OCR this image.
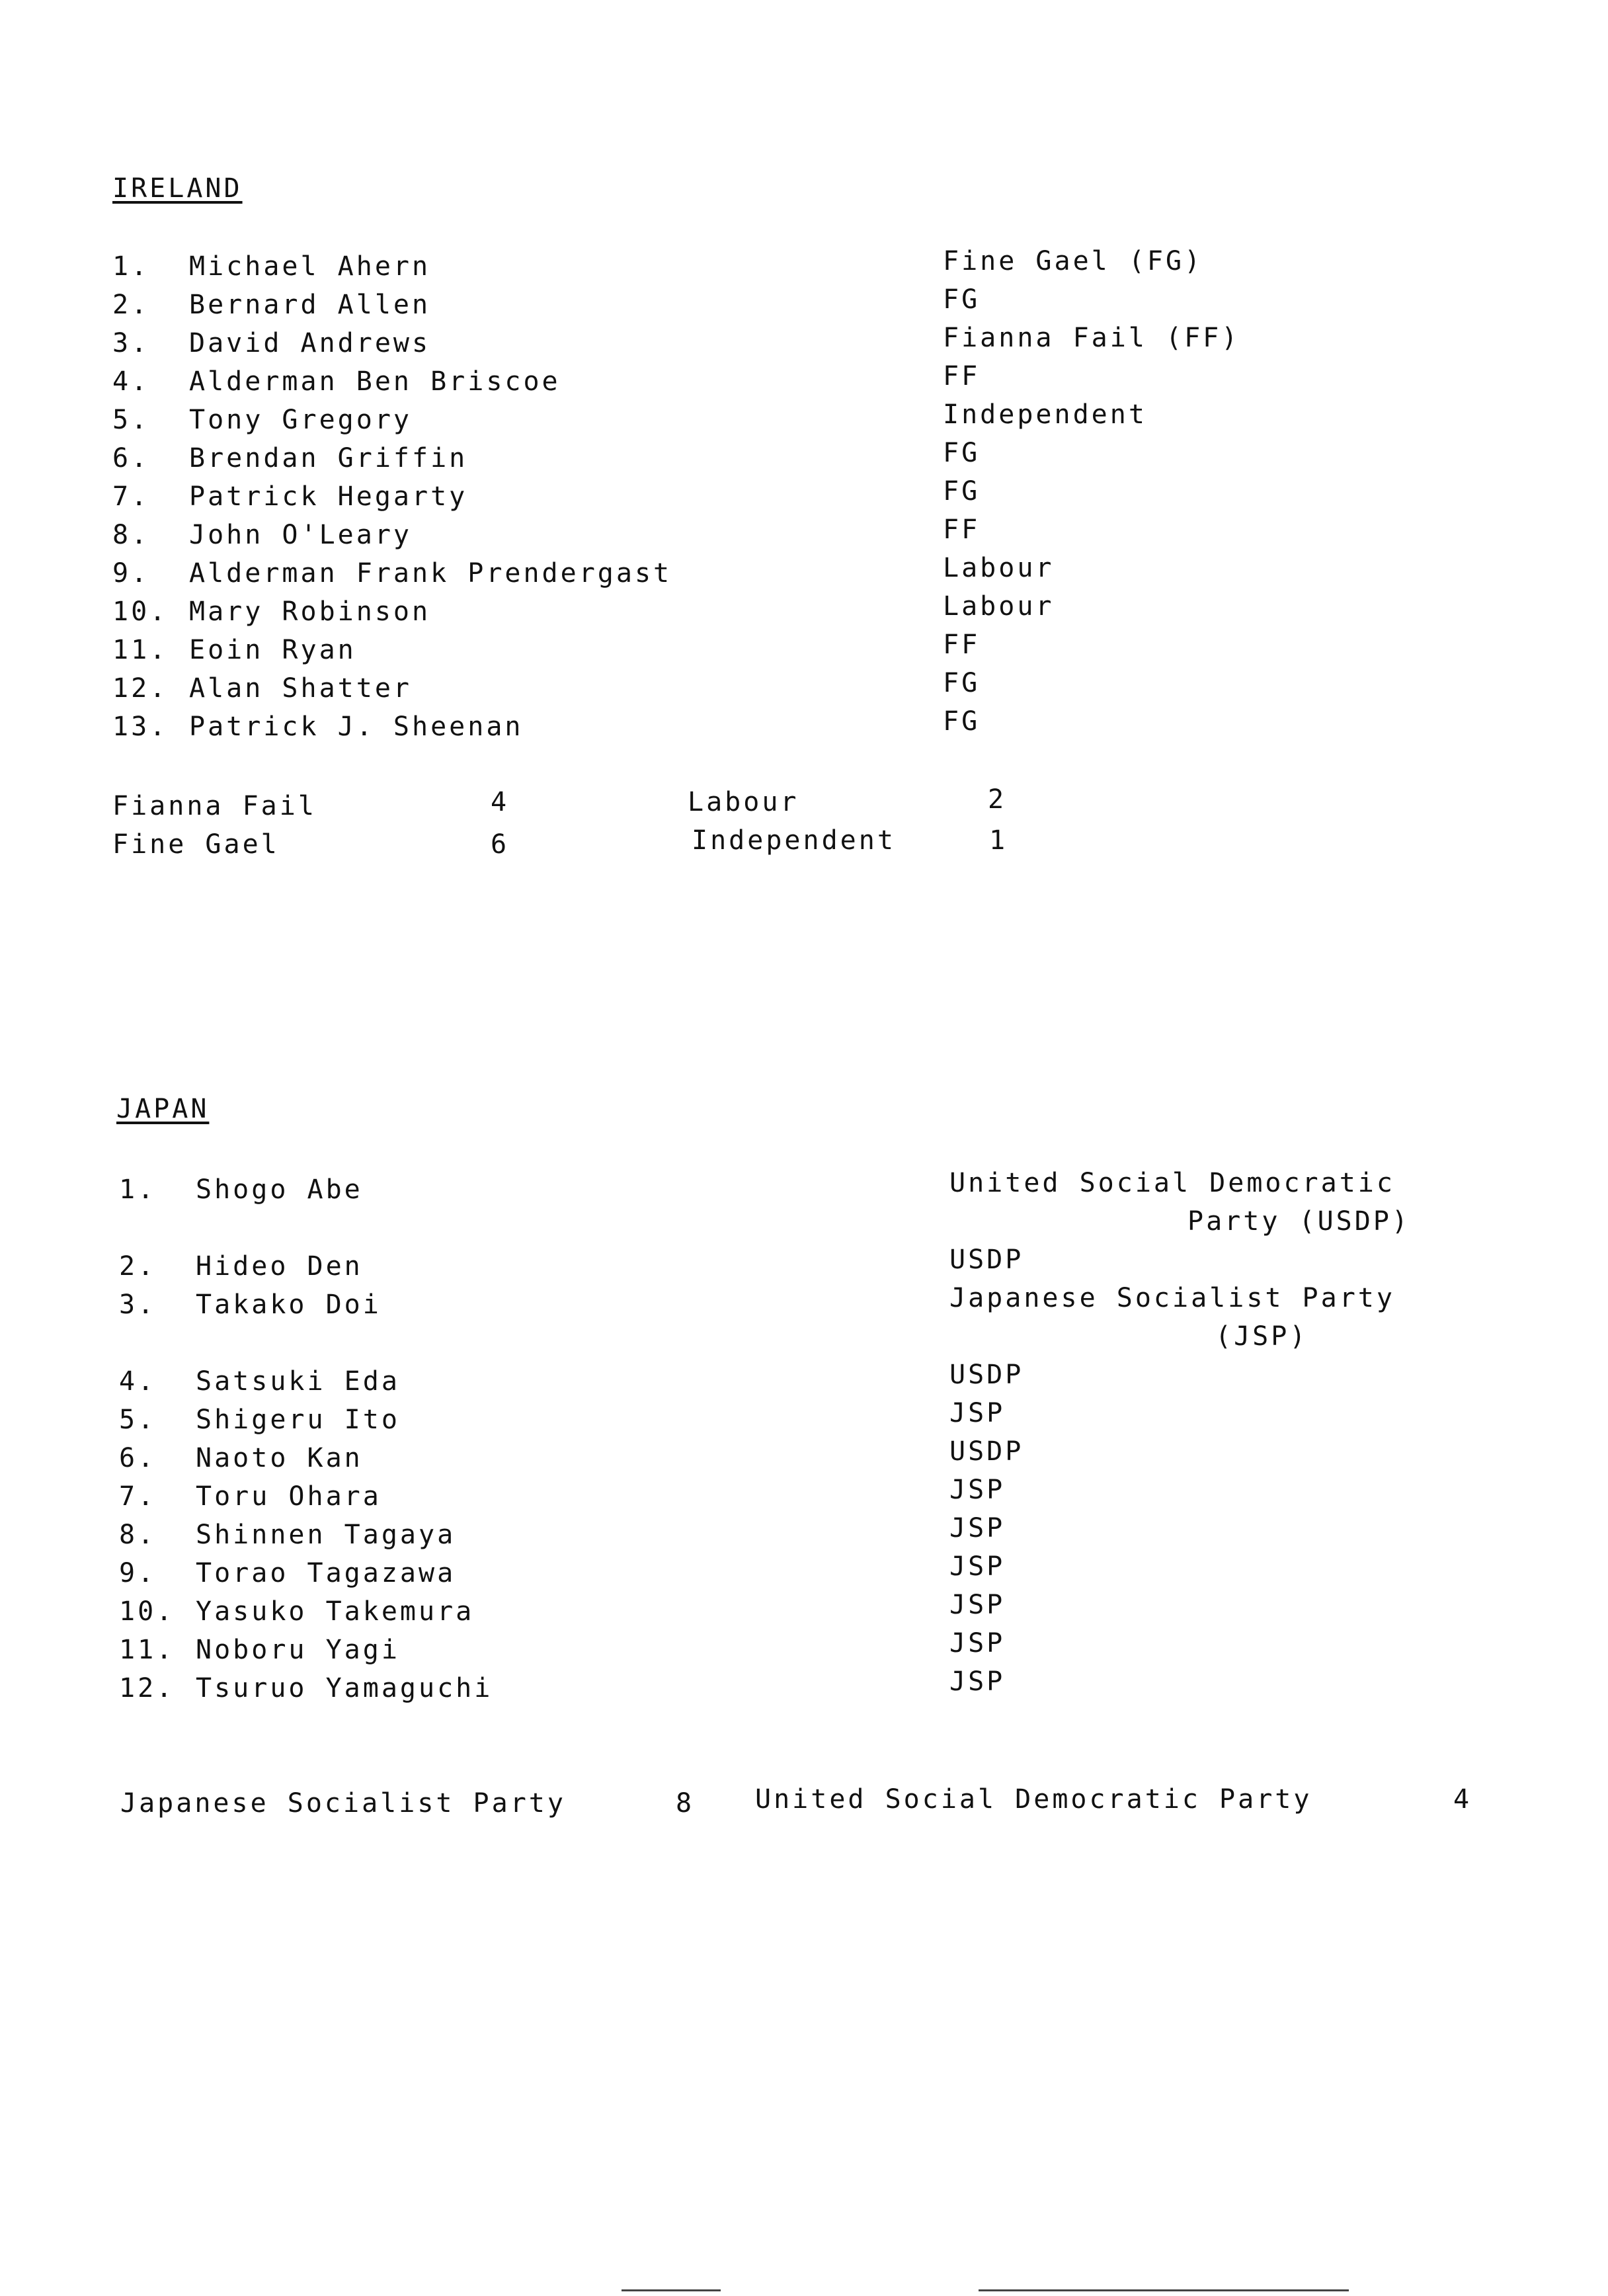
IRELAND
1. Michael Ahern	Fine Gael (FG)
2. Bernard Allen	FG
3. David Andrews	Fianna Fail (FF)
4. Alderman Ben Briscoe	FF
5. Tony Gregory	Independent
6. Brendan Griffin	FG
7. Patrick Hegarty	FG
8. John O'Leary	FF
9. Alderman Frank Prendergast	Labour
10. Mary Robinson	Labour
11. Eoin Ryan	FF
12. Alan Shatter	FG
13. Patrick J. Sheenan	FG
Fianna Fail	4
Fine Gael	6
Labour	2
Independent	1
JAPAN
1. Shogo Abe	United Social Democratic
Party (USDP)
2. Hideo Den	USDP
3. Takako Doi	Japanese Socialist Party
(JSP)
4. Satsuki Eda	USDP
5. Shigeru Ito	JSP
6. Naoto Kan	USDP
7. Toru Ohara	JSP
8. Shinnen Tagaya	JSP
9. Torao Tagazawa	JSP
10. Yasuko Takemura	JSP
11. Noboru Yagi	JSP
12. Tsuruo Yamaguchi	JSP
Japanese Socialist Party	8 United Social Democratic Party	4
